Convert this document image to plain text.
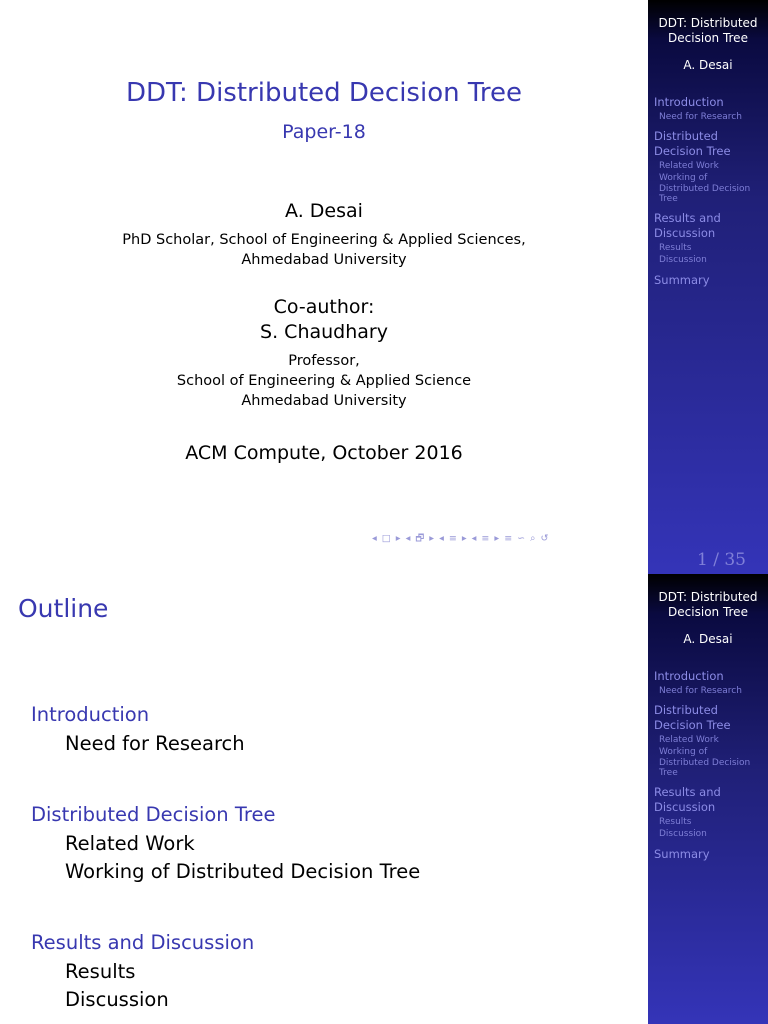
DDT: Distributed Decision Tree
Paper-18
A. Desai
PhD Scholar, School of Engineering & Applied Sciences,
Ahmedabad University
Co-author:
S. Chaudhary
Professor,
School of Engineering & Applied Science
Ahmedabad University
ACM Compute, October 2016
◂ □ ▸ ◂ 🗗 ▸ ◂ ≡ ▸ ◂ ≡ ▸ ≡ ∽ ⌕ ↺
DDT: Distributed
Decision Tree
A. Desai
Introduction
Need for Research
Distributed
Decision Tree
Related Work
Working of
Distributed Decision
Tree
Results and
Discussion
Results
Discussion
Summary
1 / 35
Outline
Introduction
Need for Research
Distributed Decision Tree
Related Work
Working of Distributed Decision Tree
Results and Discussion
Results
Discussion
DDT: Distributed
Decision Tree
A. Desai
Introduction
Need for Research
Distributed
Decision Tree
Related Work
Working of
Distributed Decision
Tree
Results and
Discussion
Results
Discussion
Summary
